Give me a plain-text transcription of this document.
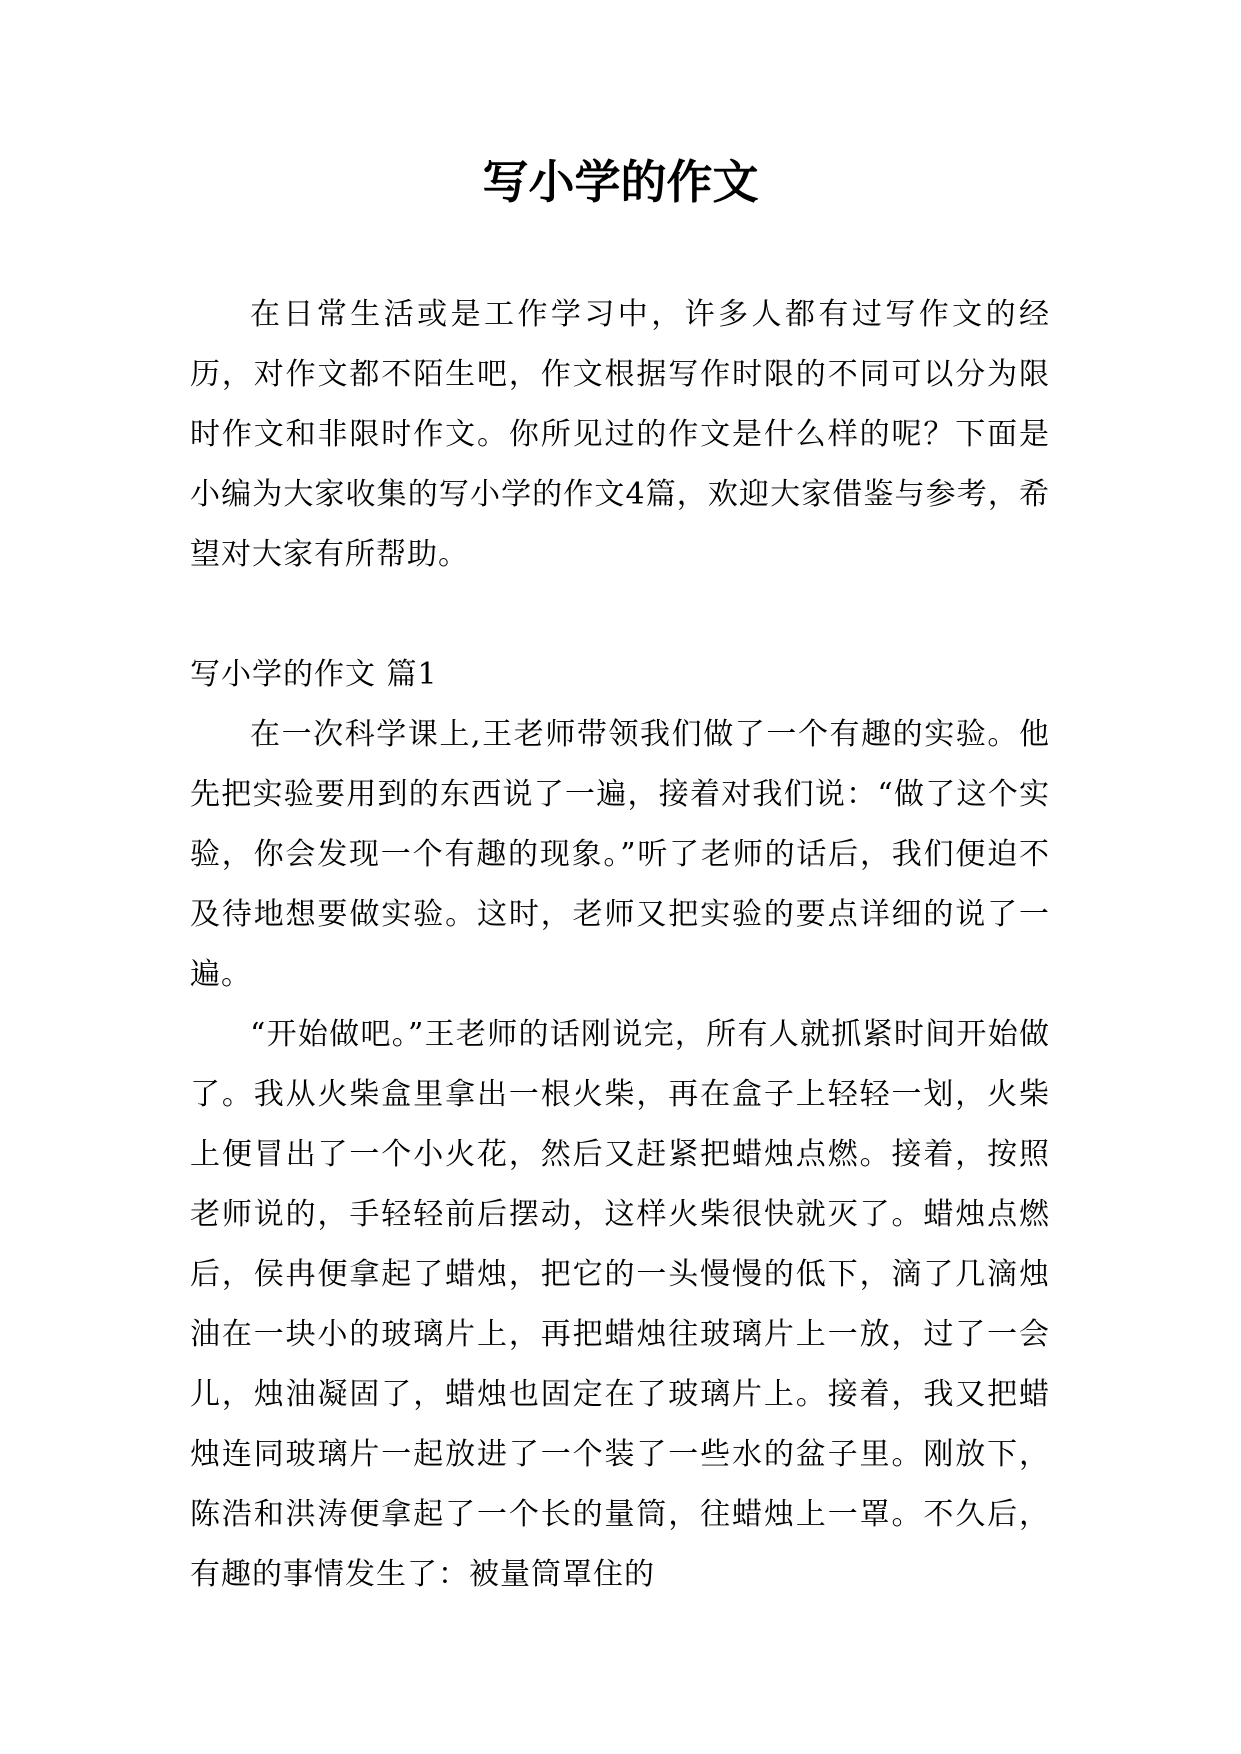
写小学的作文

在日常生活或是工作学习中，许多人都有过写作文的经历，对作文都不陌生吧，作文根据写作时限的不同可以分为限时作文和非限时作文。你所见过的作文是什么样的呢？下面是小编为大家收集的写小学的作文4篇，欢迎大家借鉴与参考，希望对大家有所帮助。

写小学的作文 篇1

在一次科学课上,王老师带领我们做了一个有趣的实验。他先把实验要用到的东西说了一遍，接着对我们说：“做了这个实验，你会发现一个有趣的现象。”听了老师的话后，我们便迫不及待地想要做实验。这时，老师又把实验的要点详细的说了一遍。

“开始做吧。”王老师的话刚说完，所有人就抓紧时间开始做了。我从火柴盒里拿出一根火柴，再在盒子上轻轻一划，火柴上便冒出了一个小火花，然后又赶紧把蜡烛点燃。接着，按照老师说的，手轻轻前后摆动，这样火柴很快就灭了。蜡烛点燃后，侯冉便拿起了蜡烛，把它的一头慢慢的低下，滴了几滴烛油在一块小的玻璃片上，再把蜡烛往玻璃片上一放，过了一会儿，烛油凝固了，蜡烛也固定在了玻璃片上。接着，我又把蜡烛连同玻璃片一起放进了一个装了一些水的盆子里。刚放下，陈浩和洪涛便拿起了一个长的量筒，往蜡烛上一罩。不久后，有趣的事情发生了：被量筒罩住的
